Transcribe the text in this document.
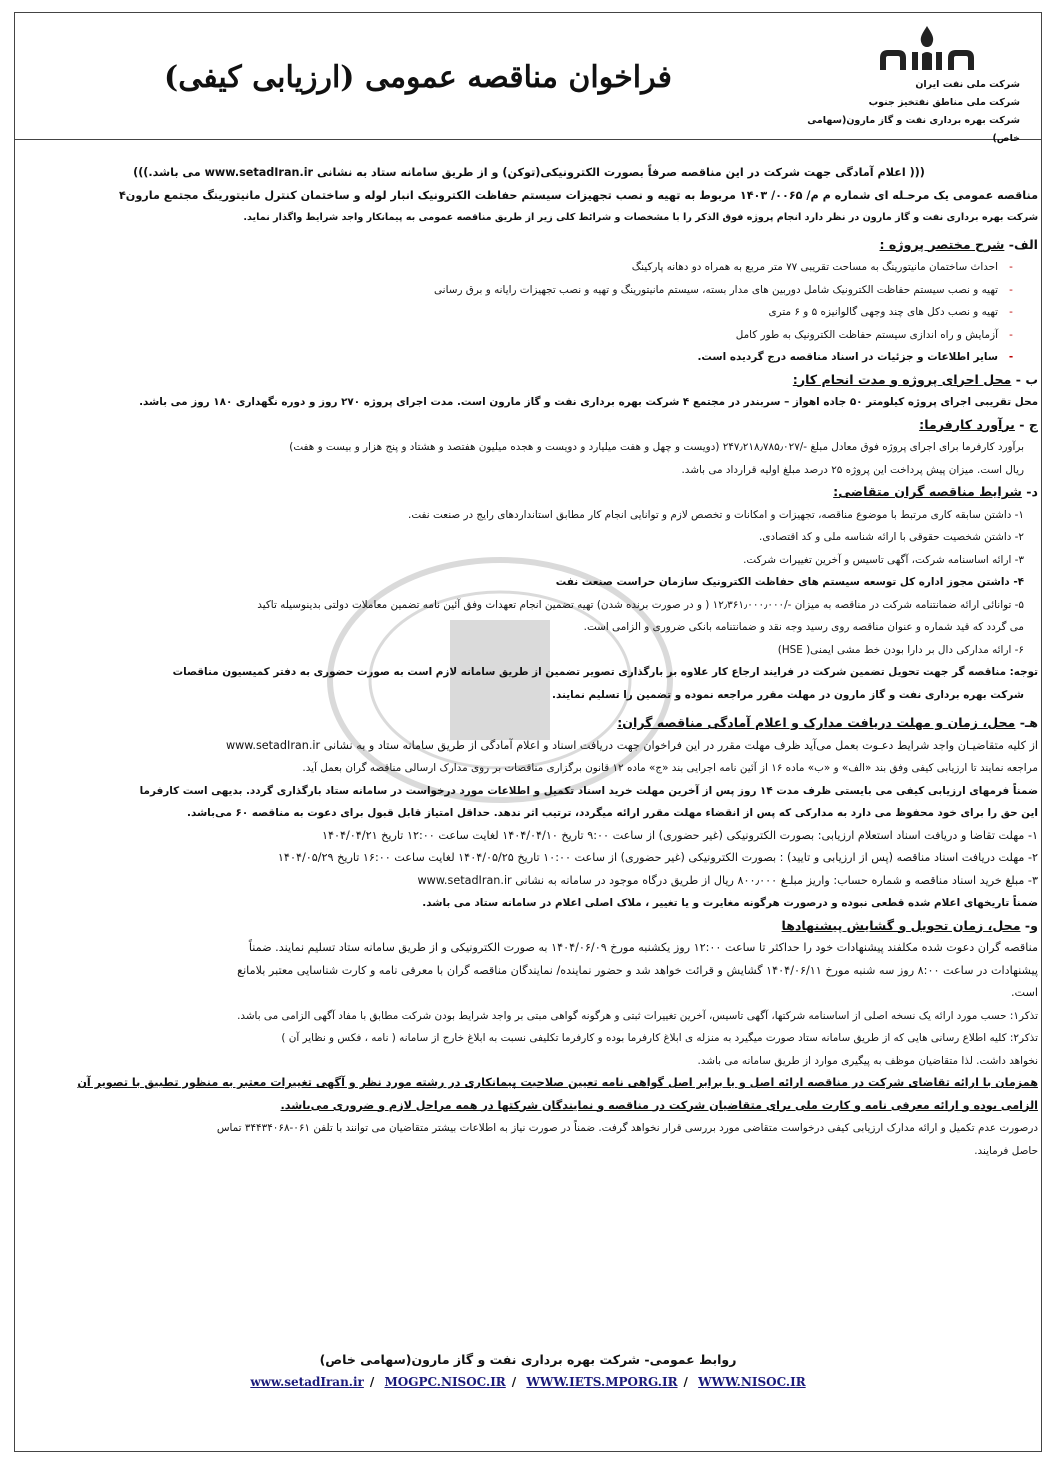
فراخوان مناقصه عمومی (ارزیابی کیفی)	شرکت ملی نفت ایران
شرکت ملی مناطق نفتخیز جنوب
شرکت بهره برداری نفت و گاز مارون(سهامی خاص)

((( اعلام آمادگی جهت شرکت در این مناقصه صرفاً بصورت الکترونیکی(توکن) و از طریق سامانه ستاد به نشانی www.setadIran.ir می باشد.)))

مناقصه عمومی یک مرحـله ای شماره م م/ ۰۰۶۵/ ۱۴۰۳ مربوط به تهیه و نصب تجهیزات سیستم حفاظت الکترونیک انبار لوله و ساختمان کنترل مانیتورینگ مجتمع مارون۴

شرکت بهره برداری نفت و گاز مارون در نظر دارد انجام پروژه فوق الذکر را با مشخصات و شرائط کلی زیر از طریق مناقصه عمومی به پیمانکار واجد شرایط واگذار نماید.

الف- شرح مختصر پروژه :

-احداث ساختمان مانیتورینگ به مساحت تقریبی ۷۷ متر مربع به همراه دو دهانه پارکینگ

-تهیه و نصب سیستم حفاظت الکترونیک شامل دوربین های مدار بسته، سیستم مانیتورینگ و تهیه و نصب تجهیزات رایانه و برق رسانی

-تهیه و نصب دکل های چند وجهی گالوانیزه ۵ و ۶ متری

-آزمایش و راه اندازی سیستم حفاظت الکترونیک به طور کامل

-سایر اطلاعات و جزئیات در اسناد مناقصه درج گردیده است.

ب - محل اجرای پروژه و مدت انجام کار:

محل تقریبی اجرای پروژه کیلومتر ۵۰ جاده اهواز – سربندر در مجتمع ۴ شرکت بهره برداری نفت و گاز مارون است. مدت اجرای پروژه ۲۷۰ روز و دوره نگهداری ۱۸۰ روز می باشد.

ج - برآورد کارفرما:

برآورد کارفرما برای اجرای پروژه فوق معادل مبلغ -/۲۴۷٫۲۱۸٫۷۸۵٫۰۲۷ (دویست و چهل و هفت میلیارد و دویست و هجده میلیون هفتصد و هشتاد و پنج هزار و بیست و هفت)

ریال است. میزان پیش پرداخت این پروژه ۲۵ درصد مبلغ اولیه قرارداد می باشد.

د- شرایط مناقصه گران متقاضی:

۱- داشتن سابقه کاری مرتبط با موضوع مناقصه، تجهیزات و امکانات و تخصص لازم و توانایی انجام کار مطابق استانداردهای رایج در صنعت نفت.

۲- داشتن شخصیت حقوقی با ارائه شناسه ملی و کد اقتصادی.

۳- ارائه اساسنامه شرکت، آگهی تاسیس و آخرین تغییرات شرکت.

۴- داشتن مجوز اداره کل توسعه سیستم های حفاظت الکترونیک سازمان حراست صنعت نفت

۵- توانائی ارائه ضمانتنامه شرکت در مناقصه به میزان -/۱۲٫۳۶۱٫۰۰۰٫۰۰۰ ( و در صورت برنده شدن) تهیه تضمین انجام تعهدات وفق آئین نامه تضمین معاملات دولتی بدینوسیله تاکید

می گردد که قید شماره و عنوان مناقصه روی رسید وجه نقد و ضمانتنامه بانکی ضروری و الزامی است.

۶- ارائه مدارکی دال بر دارا بودن خط مشی ایمنی( HSE)

توجه: مناقصه گر جهت تحویل تضمین شرکت در فرایند ارجاع کار علاوه بر بارگذاری تصویر تضمین از طریق سامانه لازم است به صورت حضوری به دفتر کمیسیون مناقصات

شرکت بهره برداری نفت و گاز مارون در مهلت مقرر مراجعه نموده و تضمین را تسلیم نمایند.

هـ- محل، زمان و مهلت دریافت مدارک و اعلام آمادگی مناقصه گران:

از کلیه متقاضیـان واجد شرایط دعـوت بعمل می‌آید ظرف مهلت مقرر در این فراخوان جهت دریافت اسناد و اعلام آمادگی از طریق سامانه ستاد و به نشانی www.setadIran.ir

مراجعه نمایند تا ارزیابی کیفی وفق بند «الف» و «ب» ماده ۱۶ از آئین نامه اجرایی بند «ج» ماده ۱۲ قانون برگزاری مناقصات بر روی مدارک ارسالی مناقصه گران بعمل آید.

ضمناً فرمهای ارزیابی کیفی می بایستی ظرف مدت ۱۴ روز پس از آخرین مهلت خرید اسناد تکمیل و اطلاعات مورد درخواست در سامانه ستاد بارگذاری گردد. بدیهی است کارفرما

این حق را برای خود محفوظ می دارد به مدارکی که پس از انقضاء مهلت مقرر ارائه میگردد، ترتیب اثر ندهد. حداقل امتیاز قابل قبول برای دعوت به مناقصه ۶۰ می‌باشد.

۱- مهلت تقاضا و دریافت اسناد استعلام ارزیابی: بصورت الکترونیکی (غیر حضوری) از ساعت ۹:۰۰ تاریخ ۱۴۰۴/۰۴/۱۰ لغایت ساعت ۱۲:۰۰ تاریخ ۱۴۰۴/۰۴/۲۱

۲- مهلت دریافت اسناد مناقصه (پس از ارزیابی و تایید) : بصورت الکترونیکی (غیر حضوری) از ساعت ۱۰:۰۰ تاریخ ۱۴۰۴/۰۵/۲۵ لغایت ساعت ۱۶:۰۰ تاریخ ۱۴۰۴/۰۵/۲۹

۳- مبلغ خرید اسناد مناقصه و شماره حساب: واریز مبلـغ ۸۰۰٫۰۰۰ ریال از طریق درگاه موجود در سامانه به نشانی www.setadIran.ir

ضمناً تاریخهای اعلام شده قطعی نبوده و درصورت هرگونه مغایرت و یا تغییر ، ملاک اصلی اعلام در سامانه ستاد می باشد.

و- محل، زمان تحویل و گشایش پیشنهادها

مناقصه گران دعوت شده مکلفند پیشنهادات خود را حداکثر تا ساعت ۱۲:۰۰ روز یکشنبه مورخ ۱۴۰۴/۰۶/۰۹ به صورت الکترونیکی و از طریق سامانه ستاد تسلیم نمایند. ضمناً

پیشنهادات در ساعت ۸:۰۰ روز سه شنبه مورخ ۱۴۰۴/۰۶/۱۱ گشایش و قرائت خواهد شد و حضور نماینده/ نمایندگان مناقصه گران با معرفی نامه و کارت شناسایی معتبر بلامانع

است.

تذکر۱: حسب مورد ارائه یک نسخه اصلی از اساسنامه شرکتها، آگهی تاسیس، آخرین تغییرات ثبتی و هرگونه گواهی مبتی بر واجد شرایط بودن شرکت مطابق با مفاد آگهی الزامی می باشد.

تذکر۲: کلیه اطلاع رسانی هایی که از طریق سامانه ستاد صورت میگیرد به منزله ی ابلاغ کارفرما بوده و کارفرما تکلیفی نسبت به ابلاغ خارج از سامانه ( نامه ، فکس و نظایر آن )

نخواهد داشت. لذا متقاضیان موظف به پیگیری موارد از طریق سامانه می باشد.

همزمان با ارائه تقاضای شرکت در مناقصه ارائه اصل و یا برابر اصل گواهی نامه تعیین صلاحیت پیمانکاری در رشته مورد نظر و آگهی تغییرات معتبر به منظور تطبیق با تصویر آن

الزامی بوده و ارائه معرفی نامه و کارت ملی برای متقاضیان شرکت در مناقصه و نمایندگان شرکتها در همه مراحل لازم و ضروری می‌باشد.

درصورت عدم تکمیل و ارائه مدارک ارزیابی کیفی درخواست متقاضی مورد بررسی قرار نخواهد گرفت. ضمناً در صورت نیاز به اطلاعات بیشتر متقاضیان می توانند با تلفن ۰۶۱-۳۴۴۳۴۰۶۸ تماس

حاصل فرمایند.

روابط عمومی- شرکت بهره برداری نفت و گاز مارون(سهامی خاص)
www.setadIran.ir / MOGPC.NISOC.IR / WWW.IETS.MPORG.IR / WWW.NISOC.IR
